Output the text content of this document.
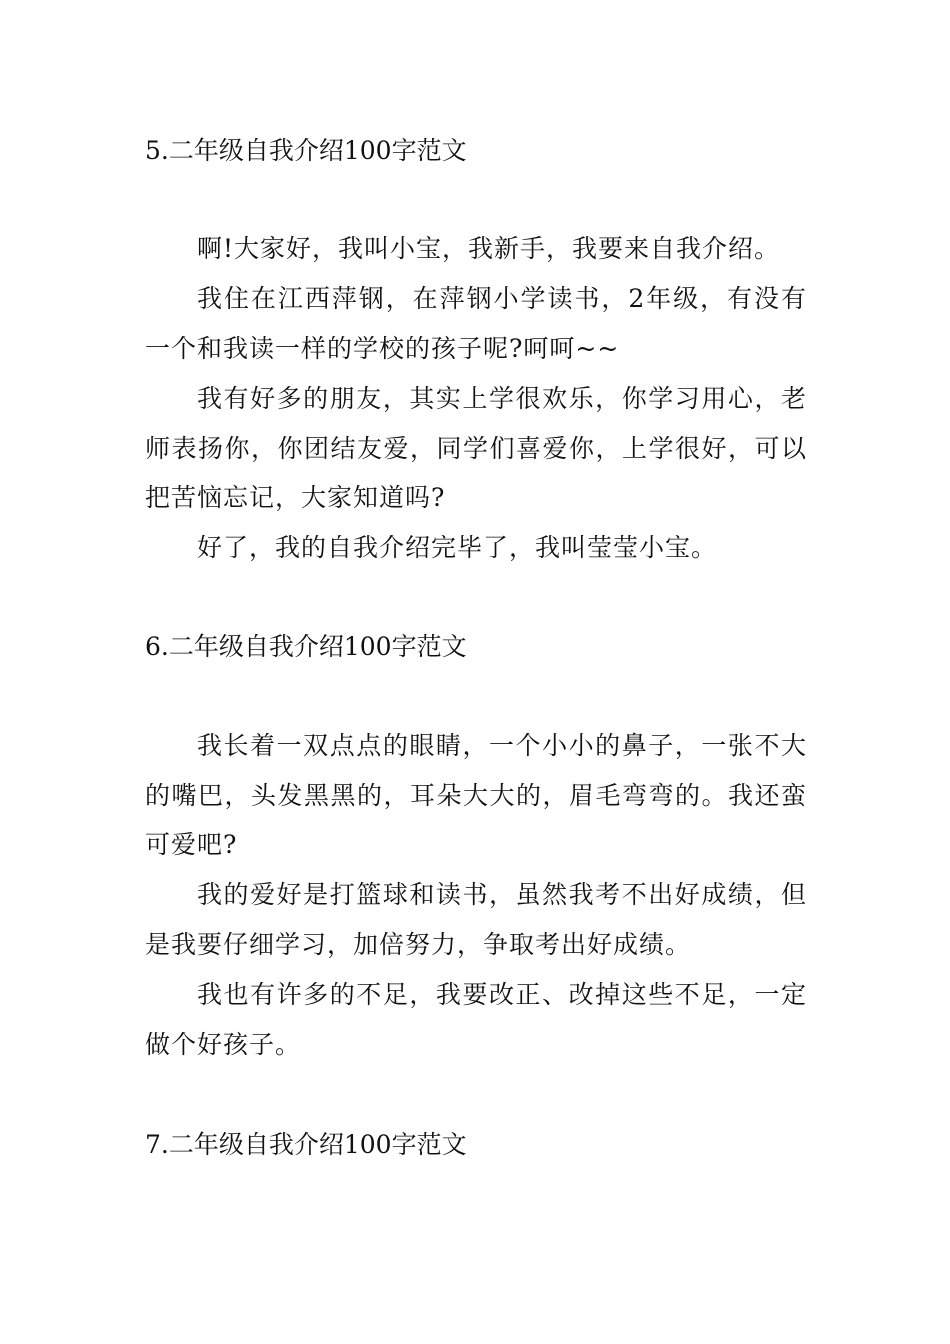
5.二年级自我介绍100字范文
啊!大家好，我叫小宝，我新手，我要来自我介绍。
我住在江西萍钢，在萍钢小学读书，2年级，有没有一个和我读一样的学校的孩子呢?呵呵~~
我有好多的朋友，其实上学很欢乐，你学习用心，老师表扬你，你团结友爱，同学们喜爱你，上学很好，可以把苦恼忘记，大家知道吗?
好了，我的自我介绍完毕了，我叫莹莹小宝。
6.二年级自我介绍100字范文
我长着一双点点的眼睛，一个小小的鼻子，一张不大的嘴巴，头发黑黑的，耳朵大大的，眉毛弯弯的。我还蛮可爱吧?
我的爱好是打篮球和读书，虽然我考不出好成绩，但是我要仔细学习，加倍努力，争取考出好成绩。
我也有许多的不足，我要改正、改掉这些不足，一定做个好孩子。
7.二年级自我介绍100字范文
